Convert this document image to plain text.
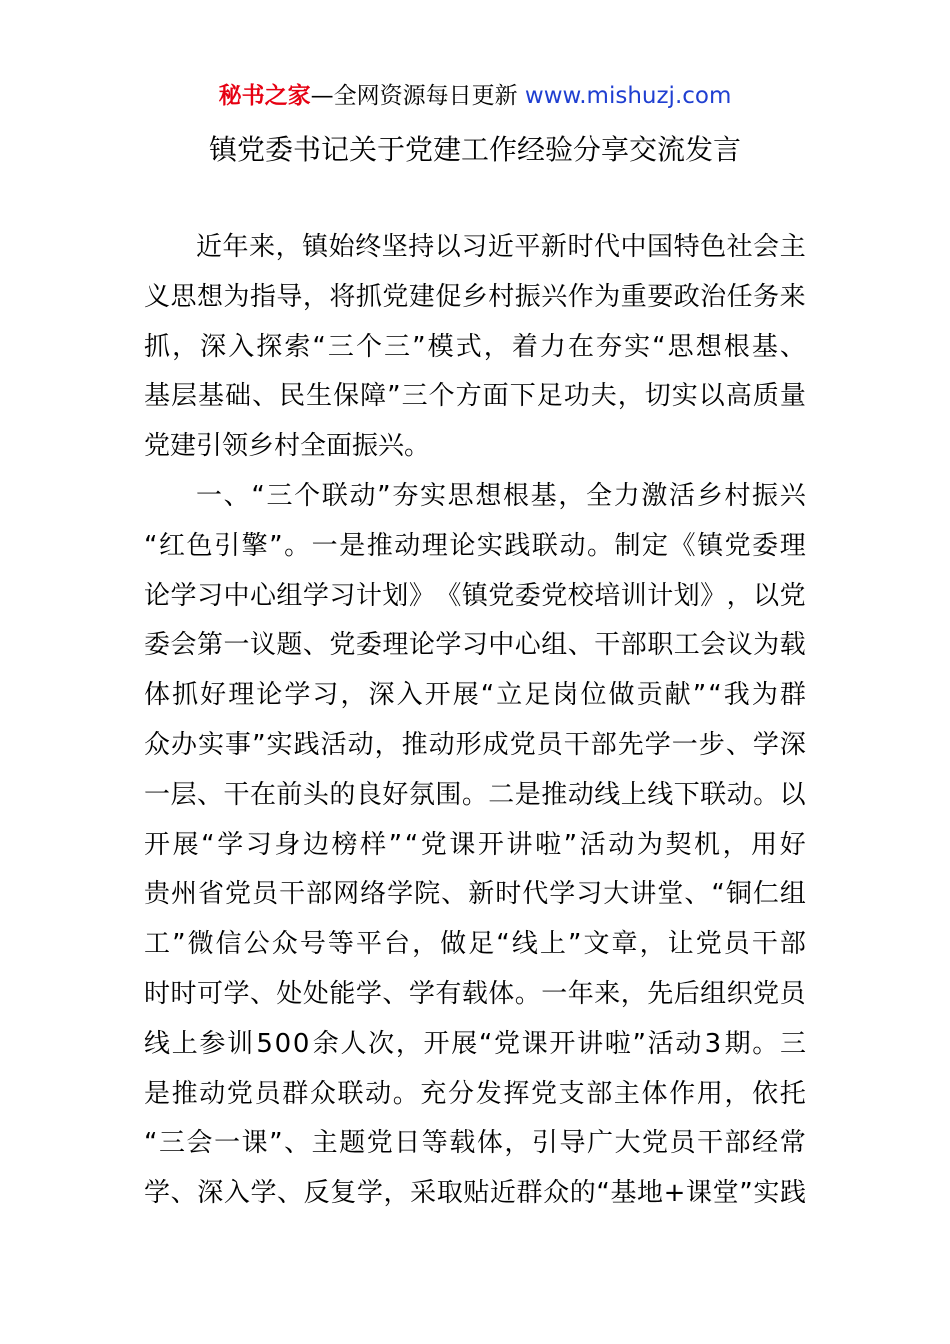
秘书之家—全网资源每日更新 www.mishuzj.com
镇党委书记关于党建工作经验分享交流发言
近 年 来 ， 镇 始 终 坚 持 以 习 近 平 新 时 代 中 国 特 色 社 会 主
义 思 想 为 指 导 ， 将 抓 党 建 促 乡 村 振 兴 作 为 重 要 政 治 任 务 来
抓 ， 深 入 探 索 “ 三 个 三 ” 模 式 ， 着 力 在 夯 实 “ 思 想 根 基 、
基 层 基 础 、 民 生 保 障 ” 三 个 方 面 下 足 功 夫 ， 切 实 以 高 质 量
党建引领乡村全面振兴。
一 、 “ 三 个 联 动 ” 夯 实 思 想 根 基 ， 全 力 激 活 乡 村 振 兴
“ 红 色 引 擎 ” 。 一 是 推 动 理 论 实 践 联 动 。 制 定 《 镇 党 委 理
论 学 习 中 心 组 学 习 计 划 》 《 镇 党 委 党 校 培 训 计 划 》 ， 以 党
委 会 第 一 议 题 、 党 委 理 论 学 习 中 心 组 、 干 部 职 工 会 议 为 载
体 抓 好 理 论 学 习 ， 深 入 开 展 “ 立 足 岗 位 做 贡 献 ” “ 我 为 群
众 办 实 事 ” 实 践 活 动 ， 推 动 形 成 党 员 干 部 先 学 一 步 、 学 深
一 层 、 干 在 前 头 的 良 好 氛 围 。 二 是 推 动 线 上 线 下 联 动 。 以
开 展 “ 学 习 身 边 榜 样 ” “ 党 课 开 讲 啦 ” 活 动 为 契 机 ， 用 好
贵 州 省 党 员 干 部 网 络 学 院 、 新 时 代 学 习 大 讲 堂 、 “ 铜 仁 组
工 ” 微 信 公 众 号 等 平 台 ， 做 足 “ 线 上 ” 文 章 ， 让 党 员 干 部
时 时 可 学 、 处 处 能 学 、 学 有 载 体 。 一 年 来 ， 先 后 组 织 党 员
线 上 参 训 5 0 0 余 人 次 ， 开 展 “ 党 课 开 讲 啦 ” 活 动 3 期 。 三
是 推 动 党 员 群 众 联 动 。 充 分 发 挥 党 支 部 主 体 作 用 ， 依 托
“ 三 会 一 课 ” 、 主 题 党 日 等 载 体 ， 引 导 广 大 党 员 干 部 经 常
学 、 深 入 学 、 反 复 学 ， 采 取 贴 近 群 众 的 “ 基 地 + 课 堂 ” 实 践
